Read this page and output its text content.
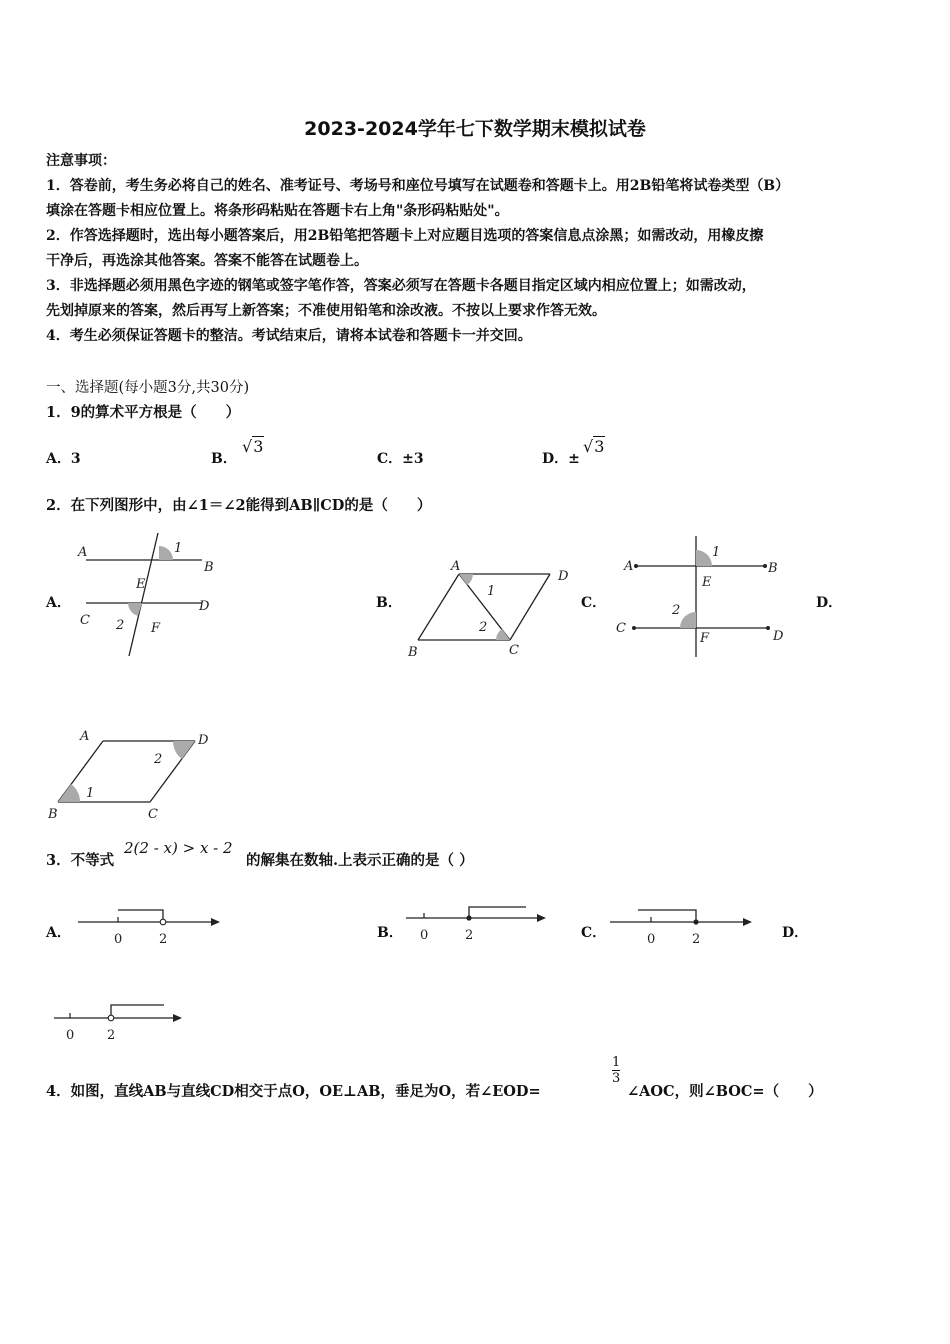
2023-2024学年七下数学期末模拟试卷
注意事项：
1．答卷前，考生务必将自己的姓名、准考证号、考场号和座位号填写在试题卷和答题卡上。用2B铅笔将试卷类型（B）
填涂在答题卡相应位置上。将条形码粘贴在答题卡右上角"条形码粘贴处"。
2．作答选择题时，选出每小题答案后，用2B铅笔把答题卡上对应题目选项的答案信息点涂黑；如需改动，用橡皮擦
干净后，再选涂其他答案。答案不能答在试题卷上。
3．非选择题必须用黑色字迹的钢笔或签字笔作答，答案必须写在答题卡各题目指定区域内相应位置上；如需改动，
先划掉原来的答案，然后再写上新答案；不准使用铅笔和涂改液。不按以上要求作答无效。
4．考生必须保证答题卡的整洁。考试结束后，请将本试卷和答题卡一并交回。
一、选择题(每小题3分,共30分)
1．9的算术平方根是（　　）
A．3	B．
√3
C．±3	D．±
√3
2．在下列图形中，由∠1＝∠2能得到AB∥CD的是（　　）
A．	B．	C．	D．
A
B
C
D
E
F
1
2
A
B	C
D
1
2
A	B
C
D
E
F
1
2
A
B	C
D
1
2
3．不等式
2(2 - x) > x - 2
的解集在数轴.上表示正确的是（ ）
A．	B．	C．	D．
0	2	0	2	0	2
0	2
4．如图，直线AB与直线CD相交于点O，OE⊥AB，垂足为O，若∠EOD=
$\frac{1}{3}$
∠AOC，则∠BOC=（　　）
